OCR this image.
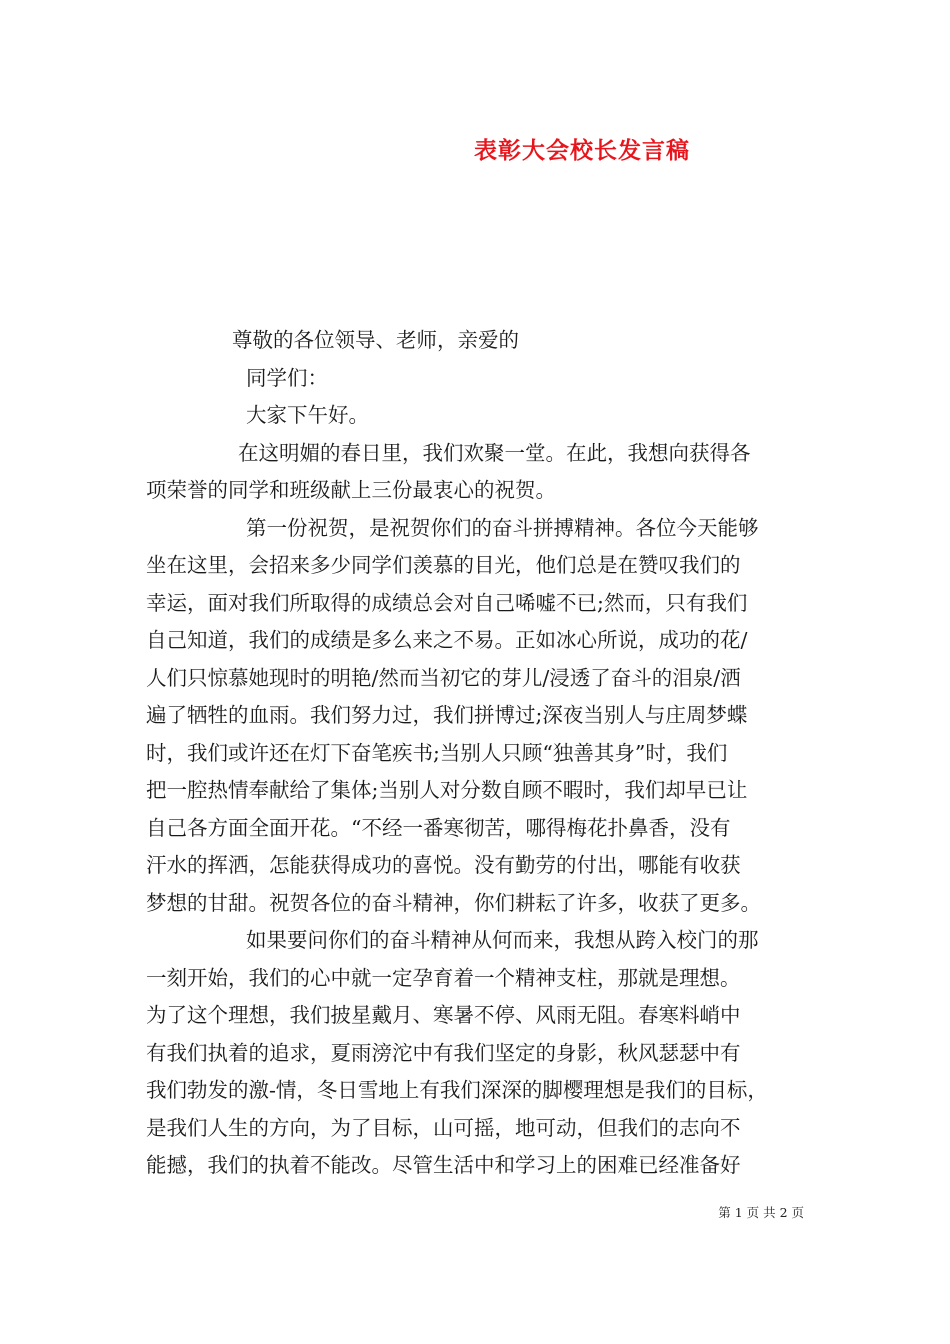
表彰大会校长发言稿
尊敬的各位领导、老师，亲爱的
同学们：
大家下午好。
在这明媚的春日里，我们欢聚一堂。在此，我想向获得各
项荣誉的同学和班级献上三份最衷心的祝贺。
第一份祝贺，是祝贺你们的奋斗拼搏精神。各位今天能够
坐在这里，会招来多少同学们羡慕的目光，他们总是在赞叹我们的
幸运，面对我们所取得的成绩总会对自己唏嘘不已;然而，只有我们
自己知道，我们的成绩是多么来之不易。正如冰心所说，成功的花/
人们只惊慕她现时的明艳/然而当初它的芽儿/浸透了奋斗的泪泉/洒
遍了牺牲的血雨。我们努力过，我们拼博过;深夜当别人与庄周梦蝶
时，我们或许还在灯下奋笔疾书;当别人只顾“独善其身”时，我们
把一腔热情奉献给了集体;当别人对分数自顾不暇时，我们却早已让
自己各方面全面开花。“不经一番寒彻苦，哪得梅花扑鼻香，没有
汗水的挥洒，怎能获得成功的喜悦。没有勤劳的付出，哪能有收获
梦想的甘甜。祝贺各位的奋斗精神，你们耕耘了许多，收获了更多。
如果要问你们的奋斗精神从何而来，我想从跨入校门的那
一刻开始，我们的心中就一定孕育着一个精神支柱，那就是理想。
为了这个理想，我们披星戴月、寒暑不停、风雨无阻。春寒料峭中
有我们执着的追求，夏雨滂沱中有我们坚定的身影，秋风瑟瑟中有
我们勃发的激-情，冬日雪地上有我们深深的脚樱理想是我们的目标，
是我们人生的方向，为了目标，山可摇，地可动，但我们的志向不
能撼，我们的执着不能改。尽管生活中和学习上的困难已经准备好
第 1 页 共 2 页
